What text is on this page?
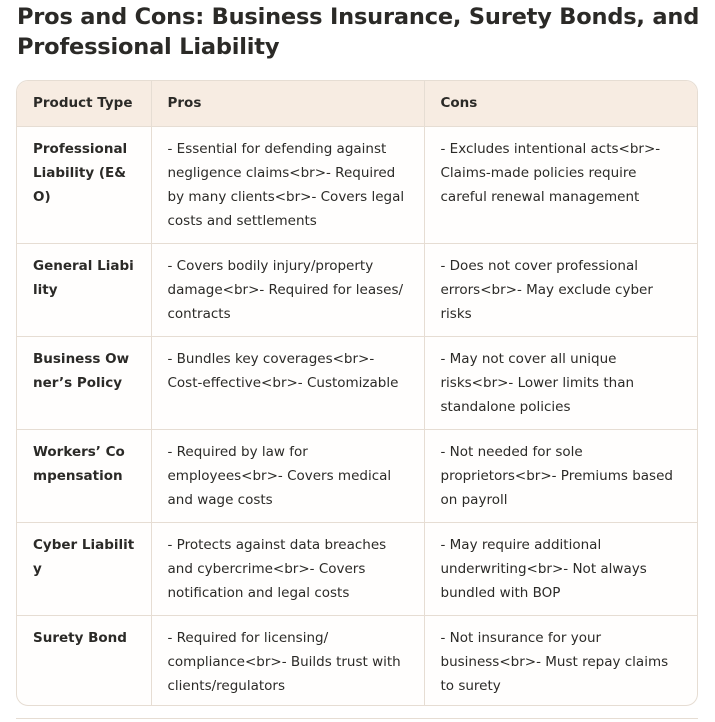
Pros and Cons: Business Insurance, Surety Bonds, and Professional Liability
Product Type	Pros	Cons
Professional Liability (E&O)	- Essential for defending against negligence claims<br>- Required by many clients<br>- Covers legal costs and settlements	- Excludes intentional acts<br>- Claims-made policies require careful renewal management
General Liability	- Covers bodily injury/property damage<br>- Required for leases/ contracts	- Does not cover professional errors<br>- May exclude cyber risks
Business Owner’s Policy	- Bundles key coverages<br>- Cost-effective<br>- Customizable	- May not cover all unique risks<br>- Lower limits than standalone policies
Workers’ Compensation	- Required by law for employees<br>- Covers medical and wage costs	- Not needed for sole proprietors<br>- Premiums based on payroll
Cyber Liability	- Protects against data breaches and cybercrime<br>- Covers notification and legal costs	- May require additional underwriting<br>- Not always bundled with BOP
Surety Bond	- Required for licensing/ compliance<br>- Builds trust with clients/regulators	- Not insurance for your business<br>- Must repay claims to surety
